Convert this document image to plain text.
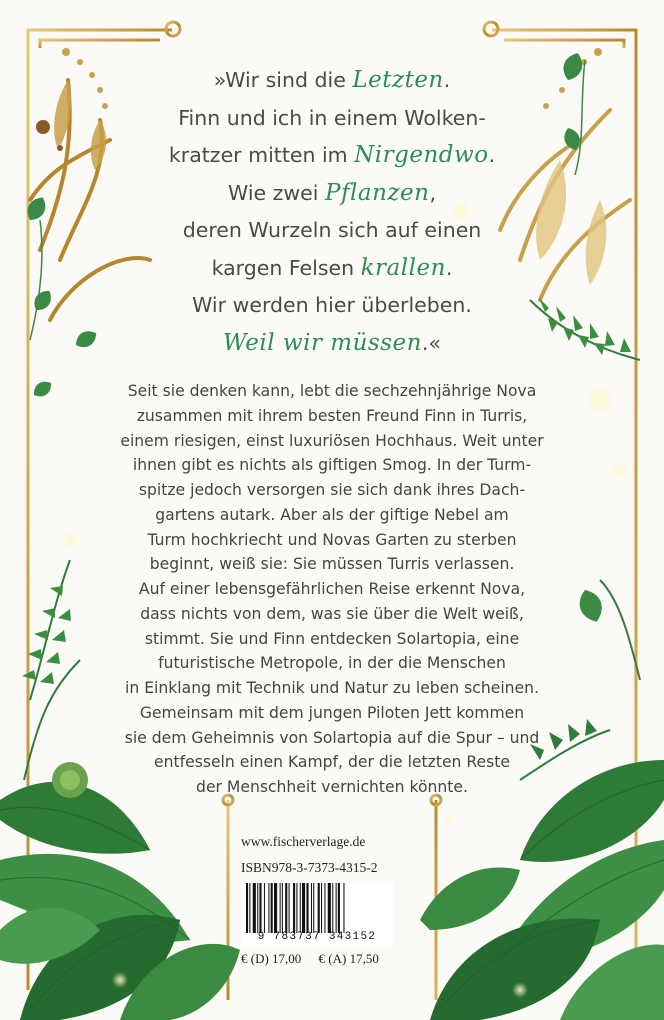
»Wir sind die Letzten.
Finn und ich in einem Wolken-
kratzer mitten im Nirgendwo.
Wie zwei Pflanzen,
deren Wurzeln sich auf einen
kargen Felsen krallen.
Wir werden hier überleben.
Weil wir müssen.«
Seit sie denken kann, lebt die sechzehnjährige Nova
zusammen mit ihrem besten Freund Finn in Turris,
einem riesigen, einst luxuriösen Hochhaus. Weit unter
ihnen gibt es nichts als giftigen Smog. In der Turm-
spitze jedoch versorgen sie sich dank ihres Dach-
gartens autark. Aber als der giftige Nebel am
Turm hochkriecht und Novas Garten zu sterben
beginnt, weiß sie: Sie müssen Turris verlassen.
Auf einer lebensgefährlichen Reise erkennt Nova,
dass nichts von dem, was sie über die Welt weiß,
stimmt. Sie und Finn entdecken Solartopia, eine
futuristische Metropole, in der die Menschen
in Einklang mit Technik und Natur zu leben scheinen.
Gemeinsam mit dem jungen Piloten Jett kommen
sie dem Geheimnis von Solartopia auf die Spur – und
entfesseln einen Kampf, der die letzten Reste
der Menschheit vernichten könnte.
www.fischerverlage.de
ISBN978-3-7373-4315-2
9 783737 343152
€ (D) 17,00 € (A) 17,50
